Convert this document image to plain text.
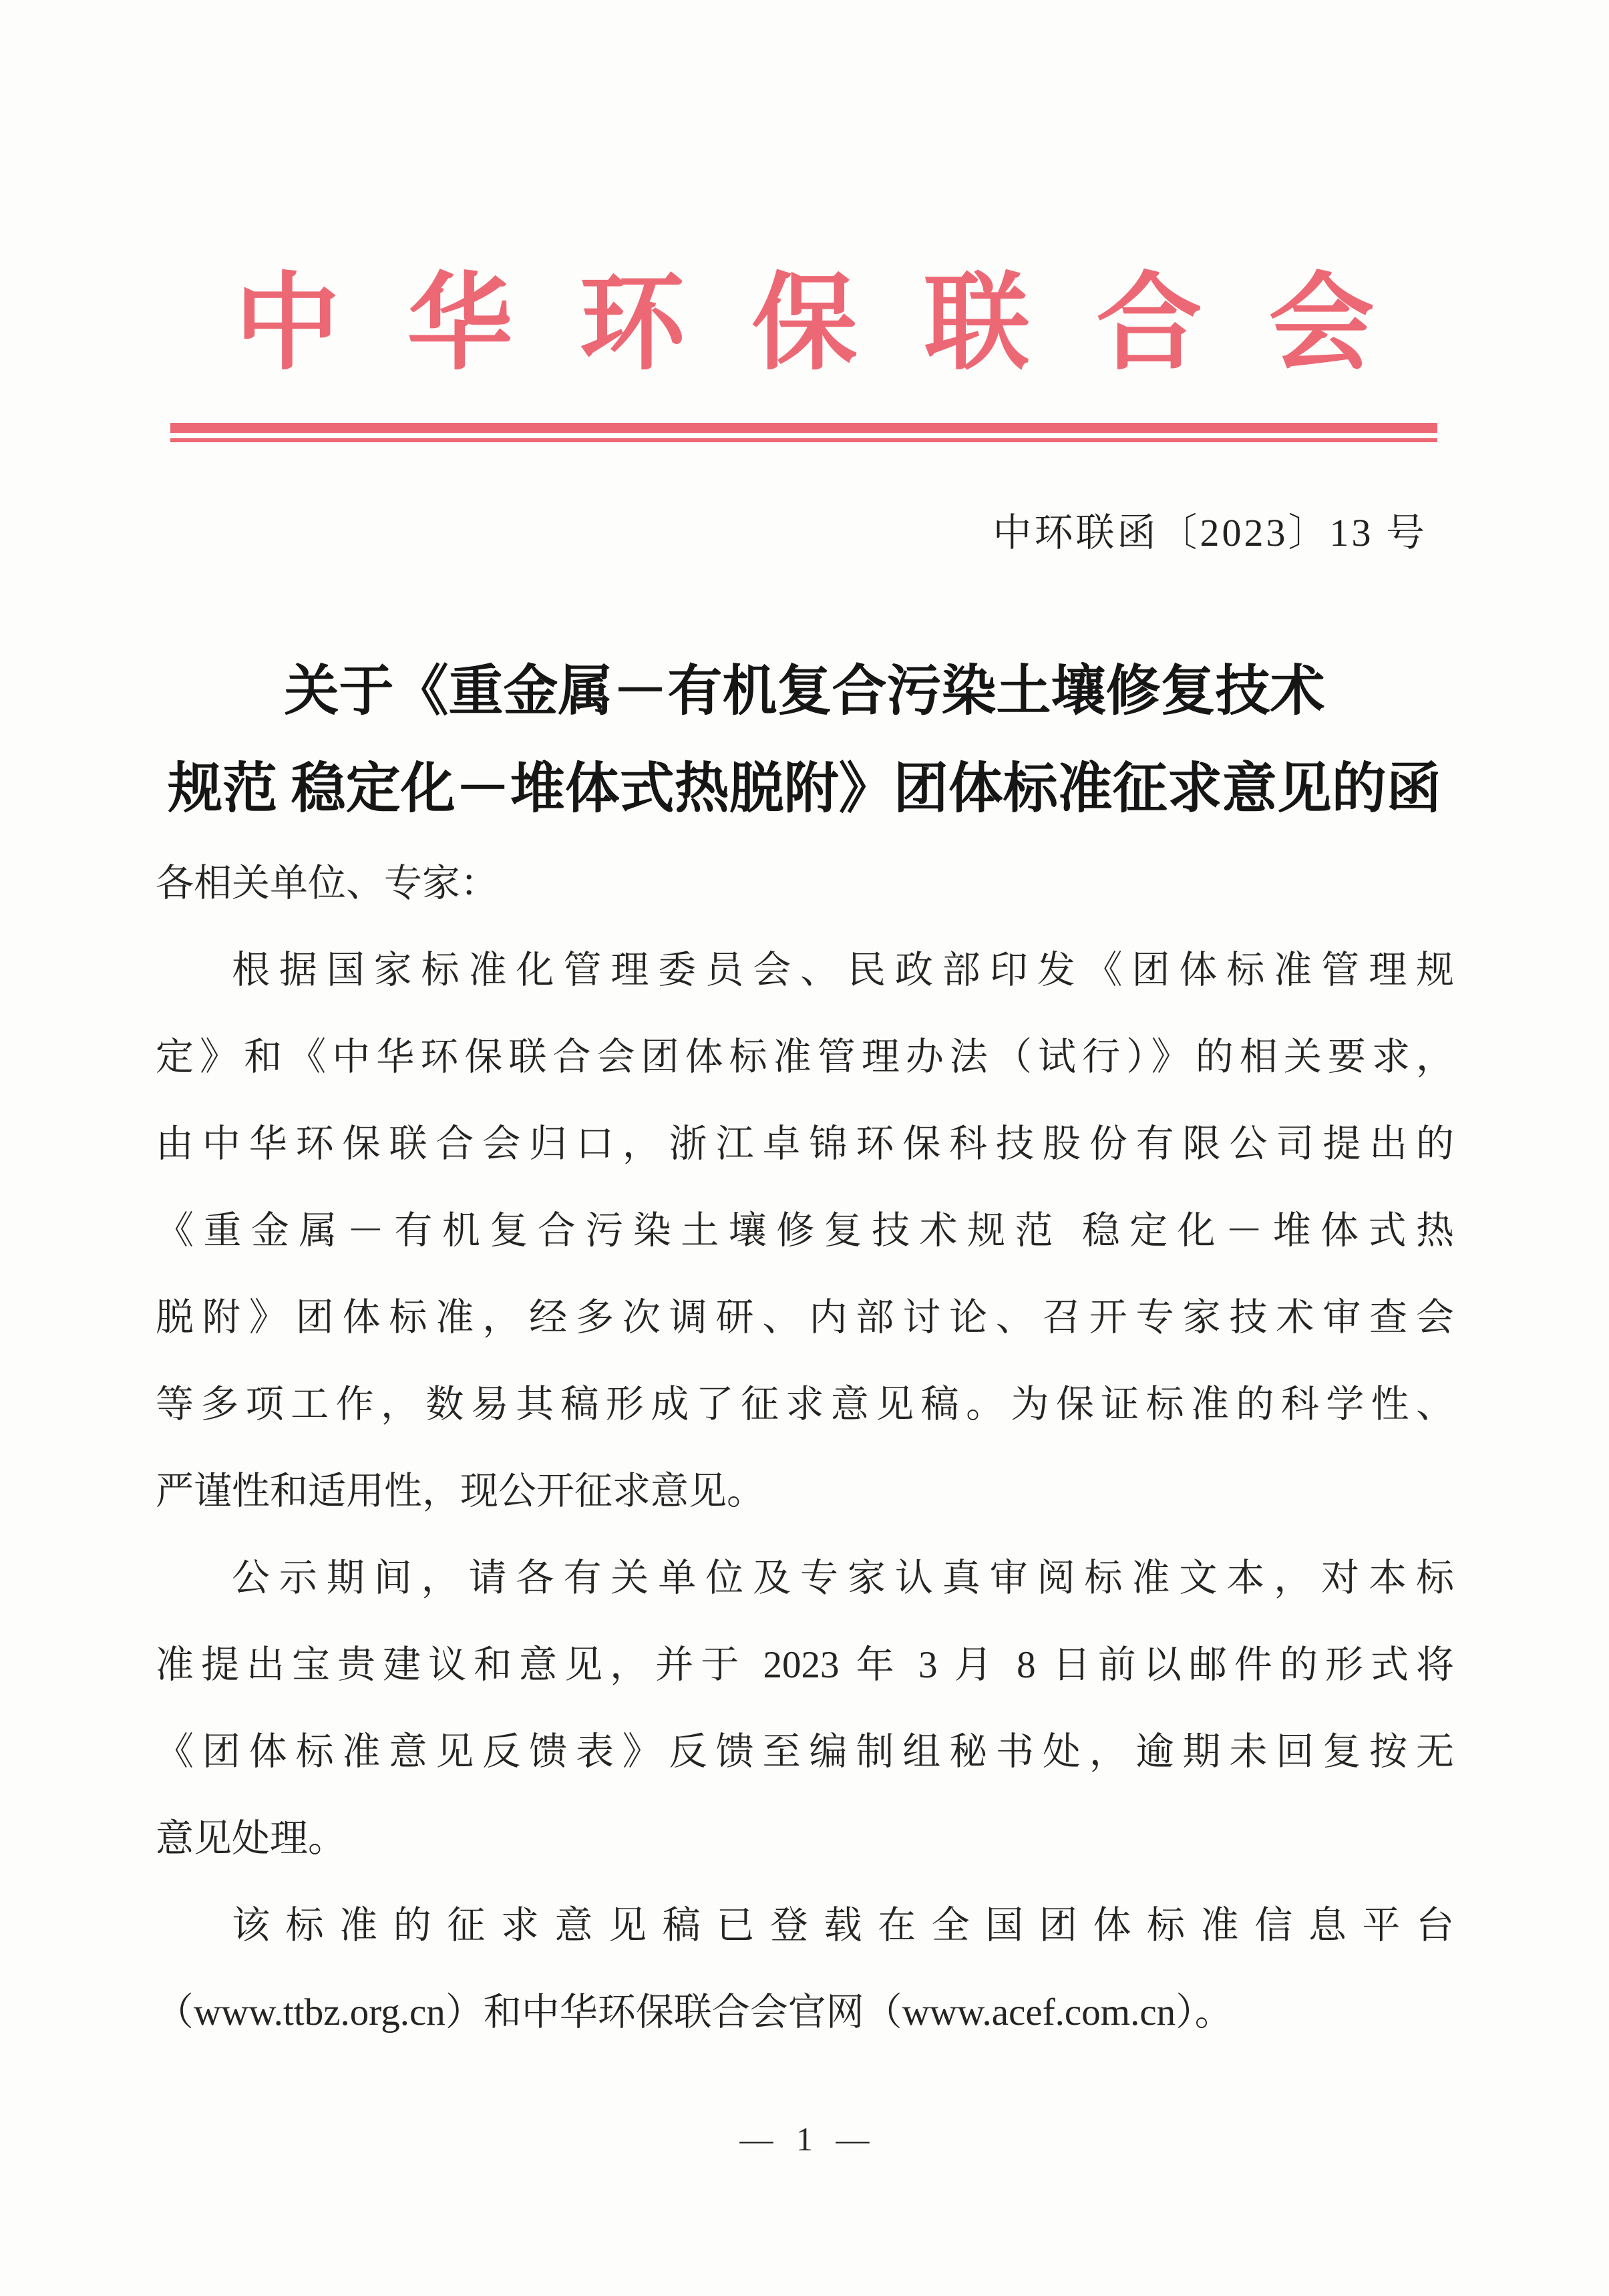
中华环保联合会
中环联函〔2023〕13 号
关于《重金属－有机复合污染土壤修复技术
规范 稳定化－堆体式热脱附》团体标准征求意见的函
各相关单位、专家：
根据国家标准化管理委员会、民政部印发《团体标准管理规
定》和《中华环保联合会团体标准管理办法（试行）》的相关要求，
由中华环保联合会归口，浙江卓锦环保科技股份有限公司提出的
《重金属－有机复合污染土壤修复技术规范 稳定化－堆体式热
脱附》团体标准，经多次调研、内部讨论、召开专家技术审查会
等多项工作，数易其稿形成了征求意见稿。为保证标准的科学性、
严谨性和适用性，现公开征求意见。
公示期间，请各有关单位及专家认真审阅标准文本，对本标
准提出宝贵建议和意见，并于 2023 年 3 月 8 日前以邮件的形式将
《团体标准意见反馈表》反馈至编制组秘书处，逾期未回复按无
意见处理。
该标准的征求意见稿已登载在全国团体标准信息平台
（www.ttbz.org.cn）和中华环保联合会官网（www.acef.com.cn）。
— 1 —
